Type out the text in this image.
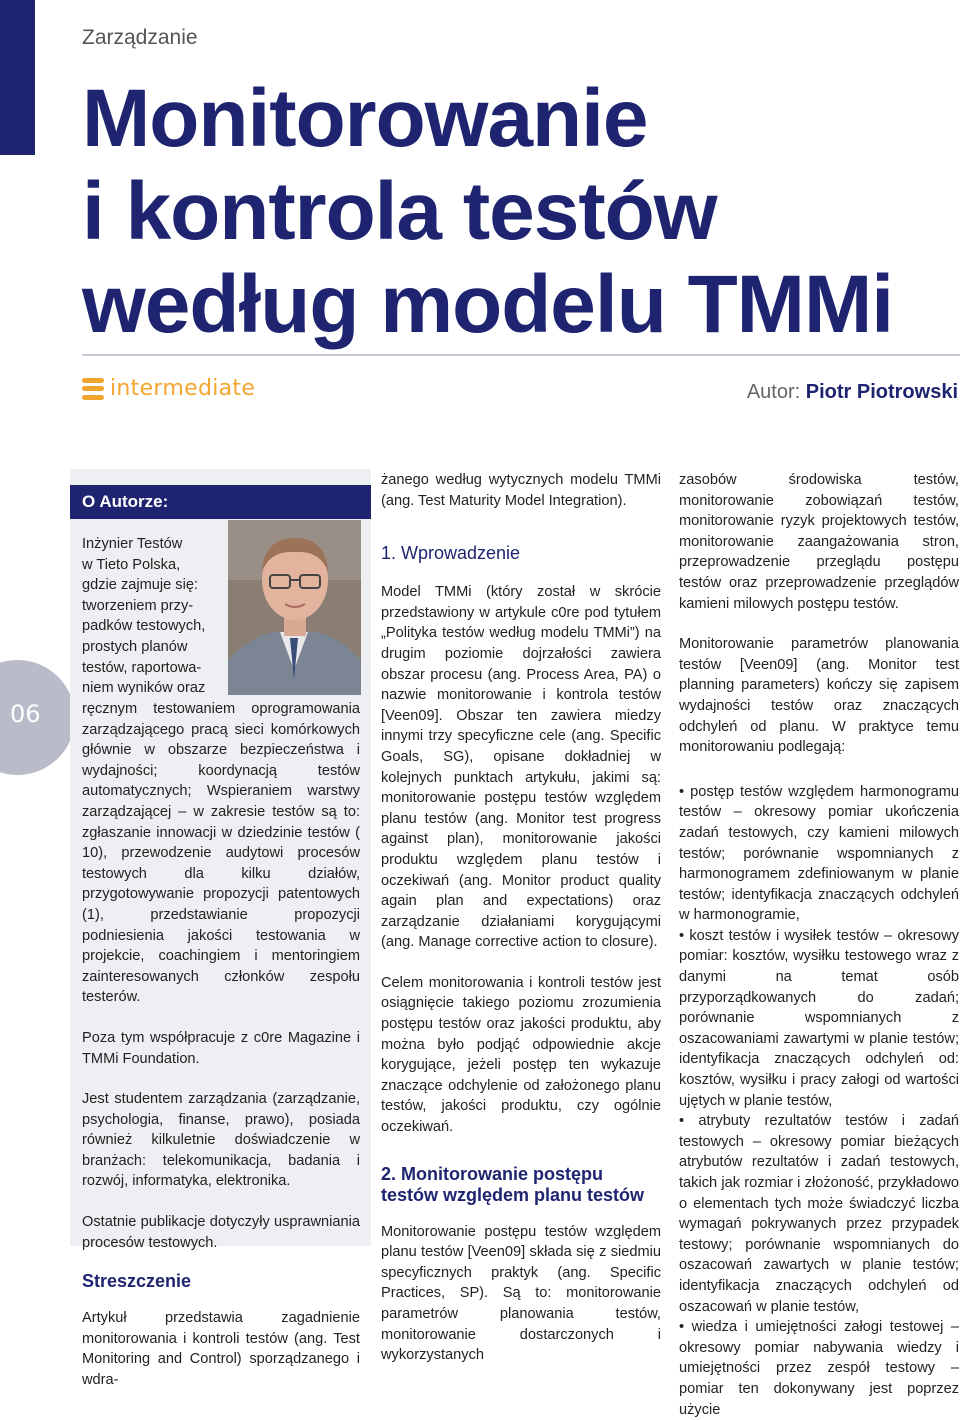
Zarządzanie
Monitorowanie
i kontrola testów
według modelu TMMi
intermediate	Autor: Piotr Piotrowski
06
O Autorze:

Inżynier Testów

w Tieto Polska,

gdzie zajmuje się:

tworzeniem przy-

padków testowych,

prostych planów

testów, raportowa-

niem wyników oraz

ręcznym testowaniem oprogramowania zarządzającego pracą sieci komórkowych głównie w obszarze bezpieczeństwa i wydajności; koordynacją testów automatycznych; Wspieraniem warstwy zarządzającej – w zakresie testów są to: zgłaszanie innowacji w dziedzinie testów ( 10), przewodzenie audytowi procesów testowych dla kilku działów, przygotowywanie propozycji patentowych (1), przedstawianie propozycji podniesienia jakości testowania w projekcie, coachingiem i mentoringiem zainteresowanych członków zespołu testerów.

Poza tym współpracuje z c0re Magazine i TMMi Foundation.

Jest studentem zarządzania (zarządzanie, psychologia, finanse, prawo), posiada również kilkuletnie doświadczenie w branżach: telekomunikacja, badania i rozwój, informatyka, elektronika.

Ostatnie publikacje dotyczyły usprawniania procesów testowych.

Streszczenie

Artykuł przedstawia zagadnienie monitorowania i kontroli testów (ang. Test Monitoring and Control) sporządzanego i wdra-

żanego według wytycznych modelu TMMi (ang. Test Maturity Model Integration).

1. Wprowadzenie

Model TMMi (który został w skrócie przedstawiony w artykule c0re pod tytułem „Polityka testów według modelu TMMi”) na drugim poziomie dojrzałości zawiera obszar procesu (ang. Process Area, PA) o nazwie monitorowanie i kontrola testów [Veen09]. Obszar ten zawiera miedzy innymi trzy specyficzne cele (ang. Specific Goals, SG), opisane dokładniej w kolejnych punktach artykułu, jakimi są: monitorowanie postępu testów względem planu testów (ang. Monitor test progress against plan), monitorowanie jakości produktu względem planu testów i oczekiwań (ang. Monitor product quality again plan and expectations) oraz zarządzanie działaniami korygującymi (ang. Manage corrective action to closure).

Celem monitorowania i kontroli testów jest osiągnięcie takiego poziomu zrozumienia postępu testów oraz jakości produktu, aby można było podjąć odpowiednie akcje korygujące, jeżeli postęp ten wykazuje znaczące odchylenie od założonego planu testów, jakości produktu, czy ogólnie oczekiwań.

2. Monitorowanie postępu testów względem planu testów

Monitorowanie postępu testów względem planu testów [Veen09] składa się z siedmiu specyficznych praktyk (ang. Specific Practices, SP). Są to: monitorowanie parametrów planowania testów, monitorowanie dostarczonych i wykorzystanych

zasobów środowiska testów, monitorowanie zobowiązań testów, monitorowanie ryzyk projektowych testów, monitorowanie zaangażowania stron, przeprowadzenie przeglądu postępu testów oraz przeprowadzenie przeglądów kamieni milowych postępu testów.

Monitorowanie parametrów planowania testów [Veen09] (ang. Monitor test planning parameters) kończy się zapisem wydajności testów oraz znaczących odchyleń od planu. W praktyce temu monitorowaniu podlegają:

• postęp testów względem harmonogramu testów – okresowy pomiar ukończenia zadań testowych, czy kamieni milowych testów; porównanie wspomnianych z harmonogramem zdefiniowanym w planie testów; identyfikacja znaczących odchyleń w harmonogramie,
• koszt testów i wysiłek testów – okresowy pomiar: kosztów, wysiłku testowego wraz z danymi na temat osób przyporządkowanych do zadań; porównanie wspomnianych z oszacowaniami zawartymi w planie testów; identyfikacja znaczących odchyleń od: kosztów, wysiłku i pracy załogi od wartości ujętych w planie testów,
• atrybuty rezultatów testów i zadań testowych – okresowy pomiar bieżących atrybutów rezultatów i zadań testowych, takich jak rozmiar i złożoność, przykładowo o elementach tych może świadczyć liczba wymagań pokrywanych przez przypadek testowy; porównanie wspomnianych do oszacowań zawartych w planie testów; identyfikacja znaczących odchyleń od oszacowań w planie testów,
• wiedza i umiejętności załogi testowej – okresowy pomiar nabywania wiedzy i umiejętności przez zespół testowy – pomiar ten dokonywany jest poprzez użycie
